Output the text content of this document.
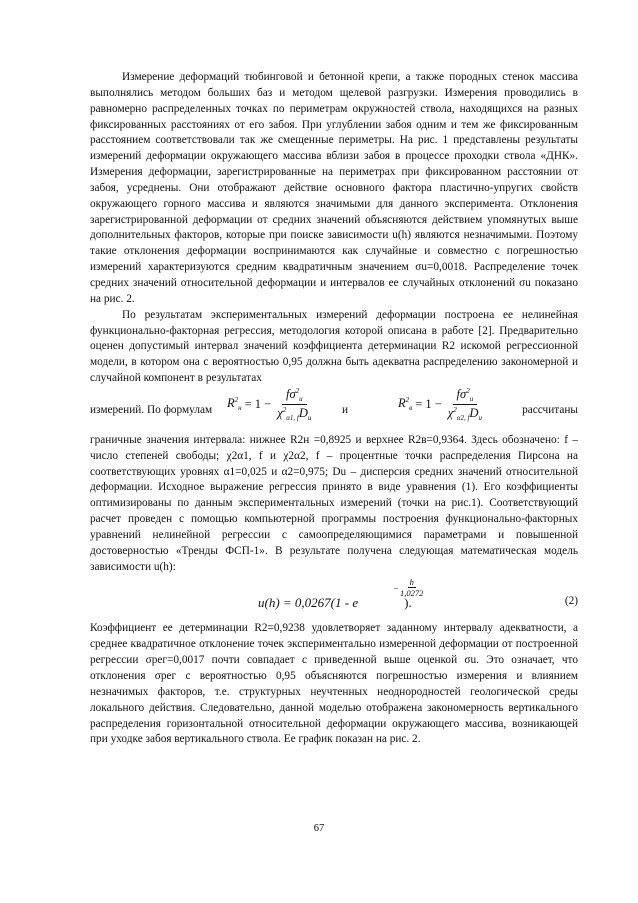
Измерение деформаций тюбинговой и бетонной крепи, а также породных стенок массива выполнялись методом больших баз и методом щелевой разгрузки. Измерения проводились в равномерно распределенных точках по периметрам окружностей ствола, находящихся на разных фиксированных расстояниях от его забоя. При углублении забоя одним и тем же фиксированным расстоянием соответствовали так же смещенные периметры. На рис. 1 представлены результаты измерений деформации окружающего массива вблизи забоя в процессе проходки ствола «ДНК». Измерения деформации, зарегистрированные на периметрах при фиксированном расстоянии от забоя, усреднены. Они отображают действие основного фактора пластично-упругих свойств окружающего горного массива и являются значимыми для данного эксперимента. Отклонения зарегистрированной деформации от средних значений объясняются действием упомянутых выше дополнительных факторов, которые при поиске зависимости u(h) являются незначимыми. Поэтому такие отклонения деформации воспринимаются как случайные и совместно с погрешностью измерений характеризуются средним квадратичным значением σu=0,0018. Распределение точек средних значений относительной деформации и интервалов ее случайных отклонений σu показано на рис. 2.

По результатам экспериментальных измерений деформации построена ее нелинейная функционально-факторная регрессия, методология которой описана в работе [2]. Предварительно оценен допустимый интервал значений коэффициента детерминации R2 искомой регрессионной модели, в котором она с вероятностью 0,95 должна быть адекватна распределению закономерной и случайной компонент в результатах

измерений. По формулам $R^2_н = 1 - \frac{f\sigma^2_u}{\chi^2_{\alpha 1, f}D_u}$	и	$R^2_в = 1 - \frac{f\sigma^2_u}{\chi^2_{\alpha 2, f}D_u}$	рассчитаны

граничные значения интервала: нижнее R2н =0,8925 и верхнее R2в=0,9364. Здесь обозначено: f – число степеней свободы; χ2α1, f и χ2α2, f – процентные точки распределения Пирсона на соответствующих уровнях α1=0,025 и α2=0,975; Du – дисперсия средних значений относительной деформации. Исходное выражение регрессия принято в виде уравнения (1). Его коэффициенты оптимизированы по данным экспериментальных измерений (точки на рис.1). Соответствующий расчет проведен с помощью компьютерной программы построения функционально-факторных уравнений нелинейной регрессии с самоопределяющимися параметрами и повышенной достоверностью «Тренды ФСП-1». В результате получена следующая математическая модель зависимости u(h):

u(h) = 0,0267(1 - e	).
−
h
1,0272
(2)

Коэффициент ее детерминации R2=0,9238 удовлетворяет заданному интервалу адекватности, а среднее квадратичное отклонение точек экспериментально измеренной деформации от построенной регрессии σрег=0,0017 почти совпадает с приведенной выше оценкой σu. Это означает, что отклонения σрег с вероятностью 0,95 объясняются погрешностью измерения и влиянием незначимых факторов, т.е. структурных неучтенных неоднородностей геологической среды локального действия. Следовательно, данной моделью отображена закономерность вертикального распределения горизонтальной относительной деформации окружающего массива, возникающей при уходке забоя вертикального ствола. Ее график показан на рис. 2.

67
